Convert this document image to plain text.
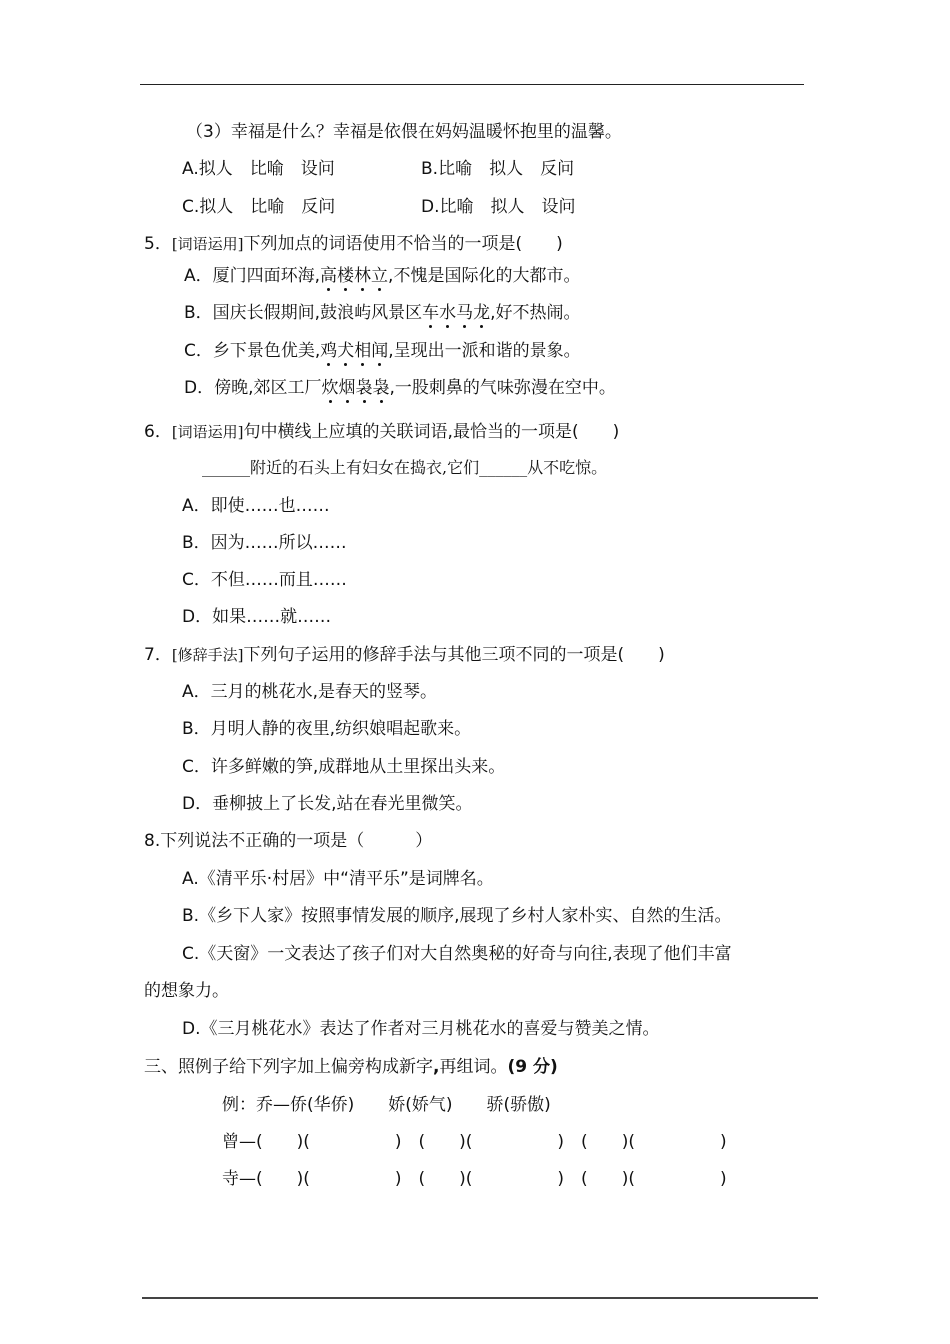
（3）幸福是什么？幸福是依偎在妈妈温暖怀抱里的温馨。
A.拟人　比喻　设问	B.比喻　拟人　反问
C.拟人　比喻　反问	D.比喻　拟人　设问
5．[词语运用]下列加点的词语使用不恰当的一项是(　　)
A．厦门四面环海,高楼林立,不愧是国际化的大都市。
B．国庆长假期间,鼓浪屿风景区车水马龙,好不热闹。
C．乡下景色优美,鸡犬相闻,呈现出一派和谐的景象。
D．傍晚,郊区工厂炊烟袅袅,一股刺鼻的气味弥漫在空中。
6．[词语运用]句中横线上应填的关联词语,最恰当的一项是(　　)
______附近的石头上有妇女在捣衣,它们______从不吃惊。
A．即使……也……
B．因为……所以……
C．不但……而且……
D．如果……就……
7．[修辞手法]下列句子运用的修辞手法与其他三项不同的一项是(　　)
A．三月的桃花水,是春天的竖琴。
B．月明人静的夜里,纺织娘唱起歌来。
C．许多鲜嫩的笋,成群地从土里探出头来。
D．垂柳披上了长发,站在春光里微笑。
8.下列说法不正确的一项是（　　　）
A.《清平乐·村居》中“清平乐”是词牌名。
B.《乡下人家》按照事情发展的顺序,展现了乡村人家朴实、自然的生活。
C.《天窗》一文表达了孩子们对大自然奥秘的好奇与向往,表现了他们丰富
的想象力。
D.《三月桃花水》表达了作者对三月桃花水的喜爱与赞美之情。
三、照例子给下列字加上偏旁构成新字,再组词。(9 分)
例：乔—侨(华侨)　　娇(娇气)　　骄(骄傲)
曾—(　　)(　　　　　)　(　　)(　　　　　)　(　　)(　　　　　)
寺—(　　)(　　　　　)　(　　)(　　　　　)　(　　)(　　　　　)
